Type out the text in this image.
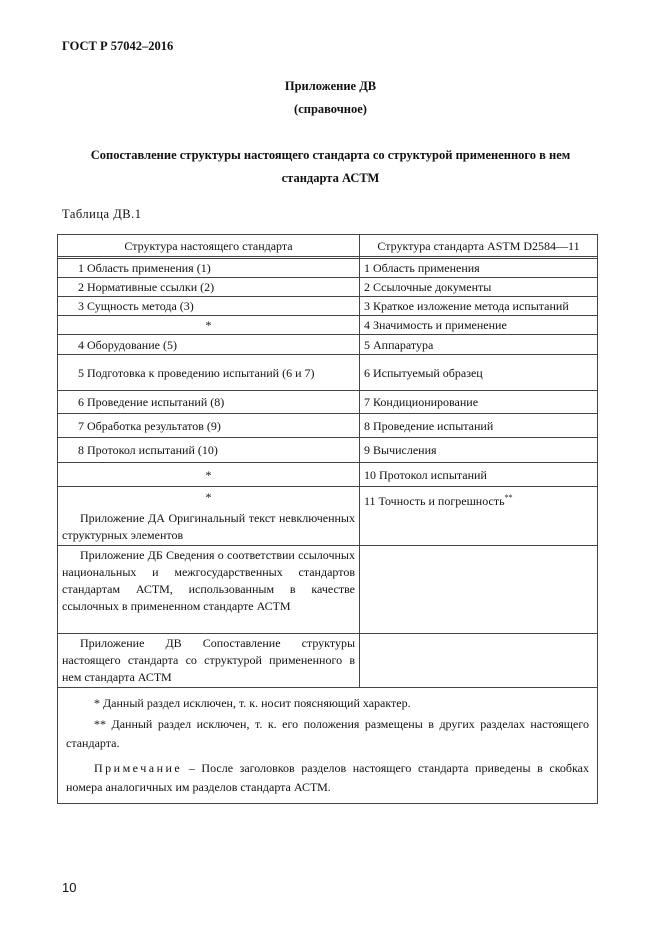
ГОСТ Р 57042–2016
Приложение ДВ
(справочное)
Сопоставление структуры настоящего стандарта со структурой примененного в нем
стандарта АСТМ
Таблица ДВ.1
Структура настоящего стандарта	Структура стандарта ASTM D2584—11

1 Область применения (1)	1 Область применения
2 Нормативные ссылки (2)	2 Ссылочные документы
3 Сущность метода (3)	3 Краткое изложение метода испытаний
*	4 Значимость и применение
4 Оборудование (5)	5 Аппаратура
5 Подготовка к проведению испытаний (6 и 7)	6 Испытуемый образец
6 Проведение испытаний (8)	7 Кондиционирование
7 Обработка результатов (9)	8 Проведение испытаний
8 Протокол испытаний (10)	9 Вычисления
*	10 Протокол испытаний

*
Приложение ДА Оригинальный текст невключенных структурных элементов	11 Точность и погрешность**
Приложение ДБ Сведения о соответствии ссылочных национальных и межгосударственных стандартов стандартам АСТМ, использованным в качестве ссылочных в примененном стандарте АСТМ	
Приложение ДВ Сопоставление структуры настоящего стандарта со структурой примененного в нем стандарта АСТМ	

* Данный раздел исключен, т. к. носит поясняющий характер.
** Данный раздел исключен, т. к. его положения размещены в других разделах настоящего стандарта.
Примечание – После заголовков разделов настоящего стандарта приведены в скобках номера аналогичных им разделов стандарта АСТМ.	
10
